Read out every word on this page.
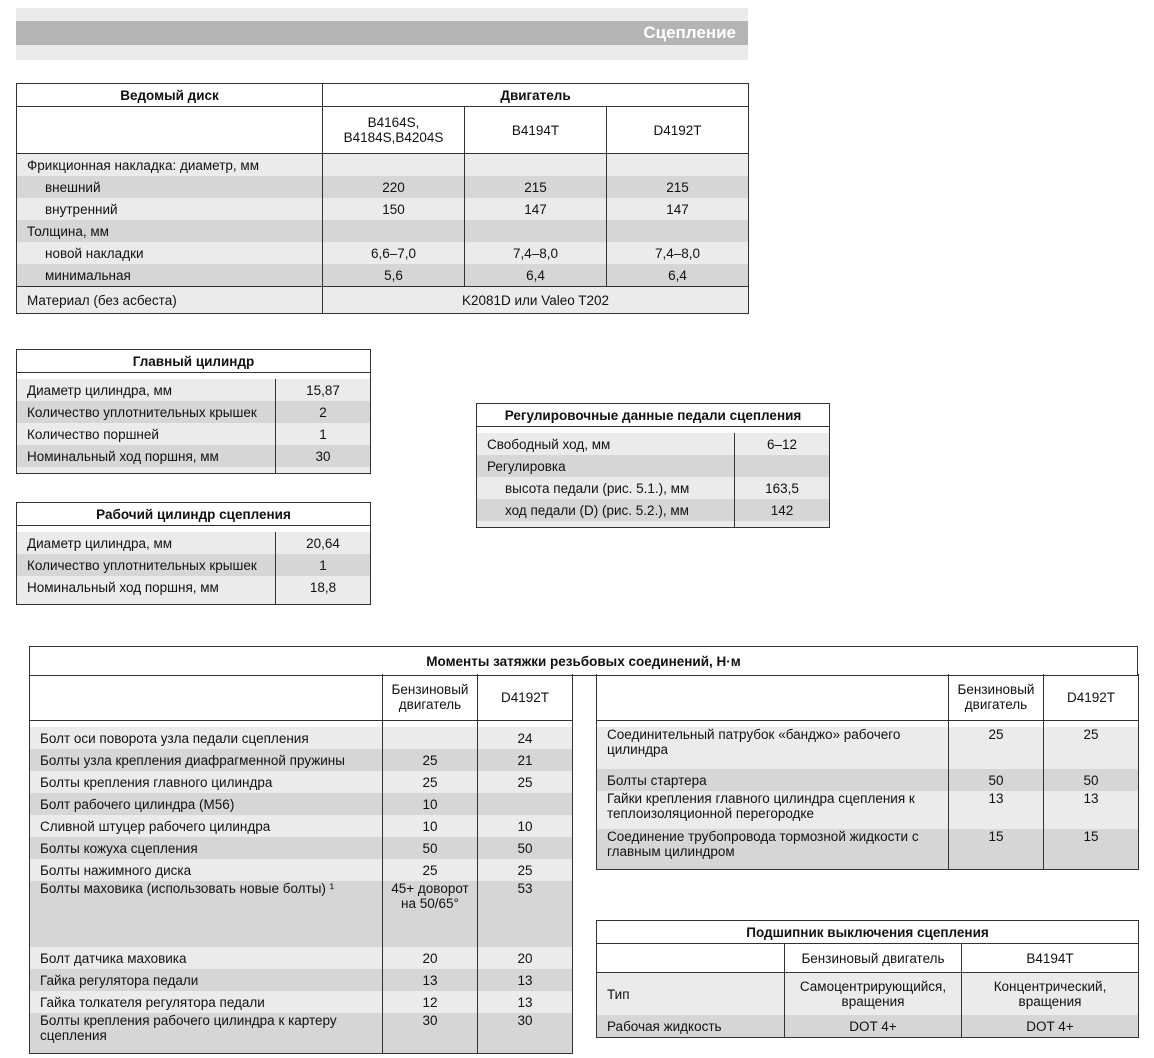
Сцепление
Ведомый диск	Двигатель		
	B4164S, B4184S,B4204S	B4194T	D4192T
Фрикционная накладка: диаметр, мм			
внешний	220	215	215
внутренний	150	147	147
Толщина, мм			
новой накладки	6,6–7,0	7,4–8,0	7,4–8,0
минимальная	5,6	6,4	6,4
Материал (без асбеста)	K2081D или Valeo T202		
Главный цилиндр	

Диаметр цилиндра, мм	15,87
Количество уплотнительных крышек	2
Количество поршней	1
Номинальный ход поршня, мм	30

Рабочий цилиндр сцепления	

Диаметр цилиндра, мм	20,64
Количество уплотнительных крышек	1
Номинальный ход поршня, мм	18,8

Регулировочные данные педали сцепления	

Свободный ход, мм	6–12
Регулировка	
высота педали (рис. 5.1.), мм	163,5
ход педали (D) (рис. 5.2.), мм	142

Моменты затяжки резьбовых соединений, Н·м
	Бензиновый двигатель	D4192T

Болт оси поворота узла педали сцепления		24
Болты узла крепления диафрагменной пружины	25	21
Болты крепления главного цилиндра	25	25
Болт рабочего цилиндра (M56)	10	
Сливной штуцер рабочего цилиндра	10	10
Болты кожуха сцепления	50	50
Болты нажимного диска	25	25
Болты маховика (использовать новые болты) ¹	45+ доворот на 50/65°	53
Болт датчика маховика	20	20
Гайка регулятора педали	13	13
Гайка толкателя регулятора педали	12	13
Болты крепления рабочего цилиндра к картеру сцепления	30	30
	Бензиновый двигатель	D4192T

Соединительный патрубок «банджо» рабочего цилиндра	25	25
Болты стартера	50	50
Гайки крепления главного цилиндра сцепления к теплоизоляционной перегородке	13	13
Соединение трубопровода тормозной жидкости с главным цилиндром	15	15
Подшипник выключения сцепления		
	Бензиновый двигатель	B4194T
Тип	Самоцентрирующийся, вращения	Концентрический, вращения
Рабочая жидкость	DOT 4+	DOT 4+
